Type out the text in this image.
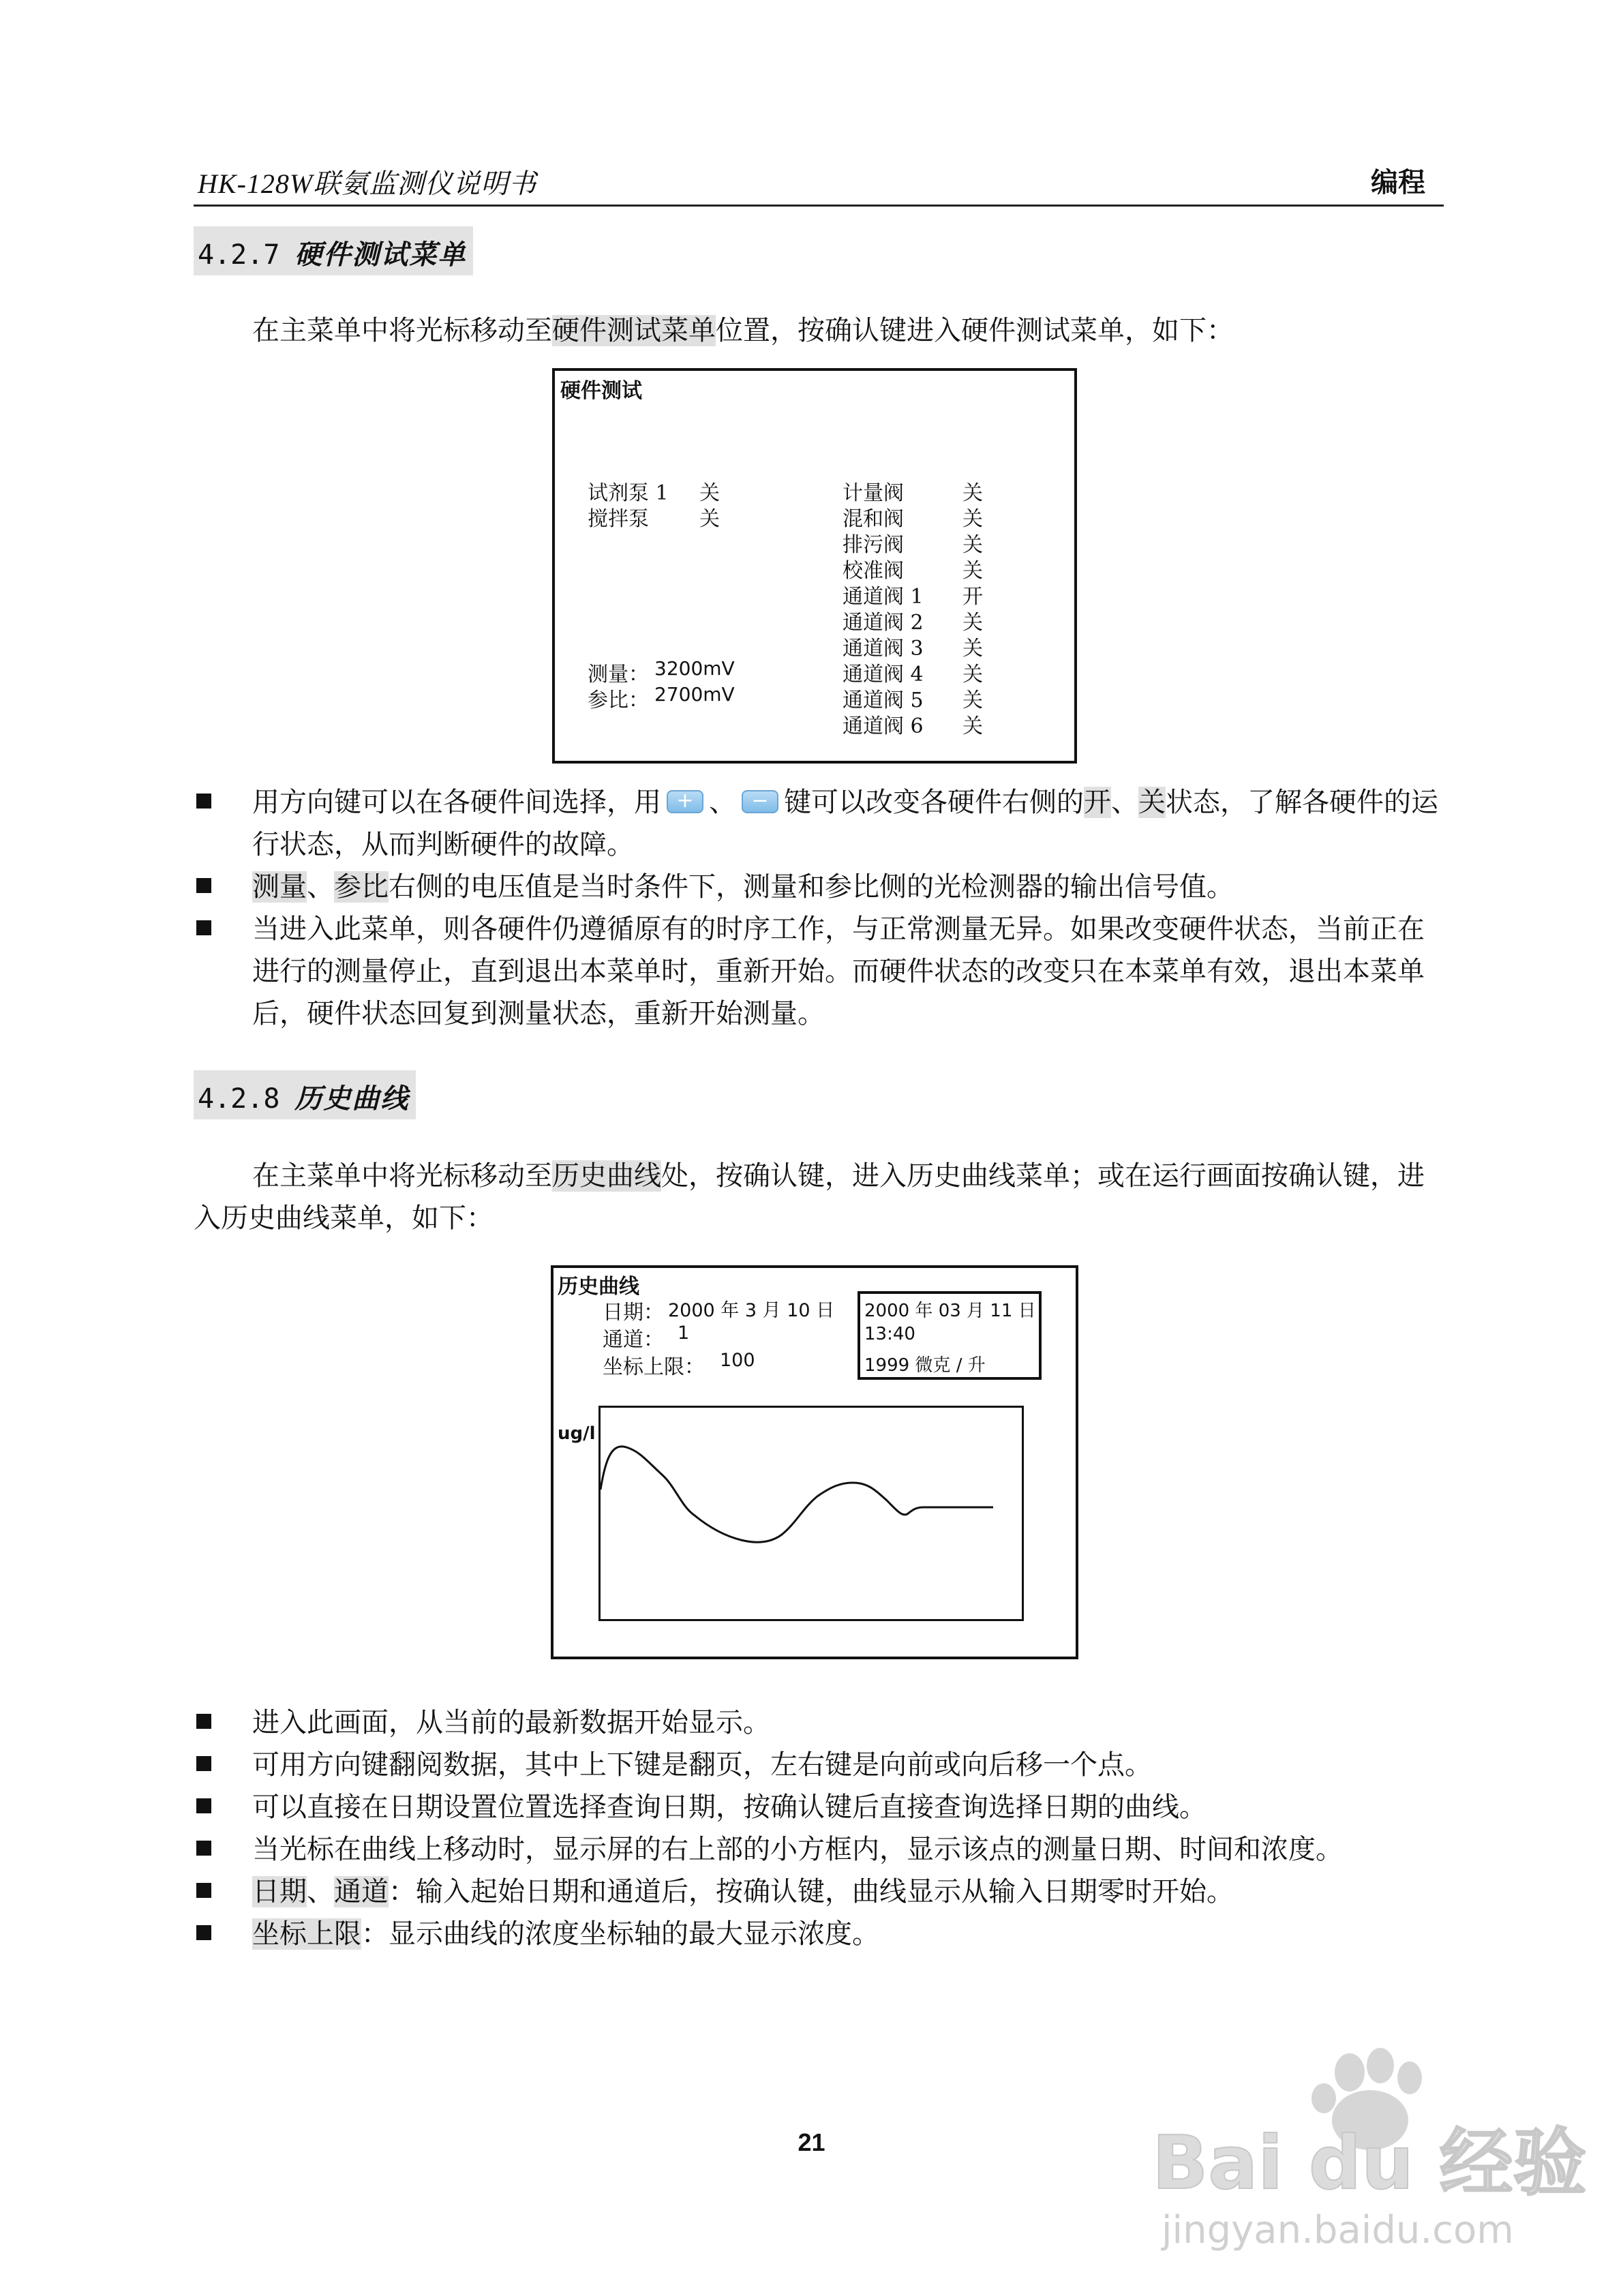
HK-128W联氨监测仪说明书	编程
4.2.7 硬件测试菜单
在主菜单中将光标移动至硬件测试菜单位置，按确认键进入硬件测试菜单，如下：
硬件测试
试剂泵 1 关
搅拌泵 关
计量阀	关
混和阀	关
排污阀	关
校准阀	关
通道阀 1 开
通道阀 2 关
通道阀 3 关
通道阀 4 关
通道阀 5 关
通道阀 6 关
测量： 3200mV
参比： 2700mV
用方向键可以在各硬件间选择，用 + 、 − 键可以改变各硬件右侧的开、关状态，了解各硬件的运行状态，从而判断硬件的故障。
测量、参比右侧的电压值是当时条件下，测量和参比侧的光检测器的输出信号值。
当进入此菜单，则各硬件仍遵循原有的时序工作，与正常测量无异。如果改变硬件状态，当前正在进行的测量停止，直到退出本菜单时，重新开始。而硬件状态的改变只在本菜单有效，退出本菜单后，硬件状态回复到测量状态，重新开始测量。
4.2.8 历史曲线
在主菜单中将光标移动至历史曲线处，按确认键，进入历史曲线菜单；或在运行画面按确认键，进入历史曲线菜单，如下：
历史曲线
日期： 2000 年 3 月 10 日
通道： 1
坐标上限： 100
2000 年 03 月 11 日
13:40
1999 微克 / 升
ug/l
进入此画面，从当前的最新数据开始显示。
可用方向键翻阅数据，其中上下键是翻页，左右键是向前或向后移一个点。
可以直接在日期设置位置选择查询日期，按确认键后直接查询选择日期的曲线。
当光标在曲线上移动时，显示屏的右上部的小方框内，显示该点的测量日期、时间和浓度。
日期、通道：输入起始日期和通道后，按确认键，曲线显示从输入日期零时开始。
坐标上限：显示曲线的浓度坐标轴的最大显示浓度。
21	Bai du 经验
jingyan.baidu.com
